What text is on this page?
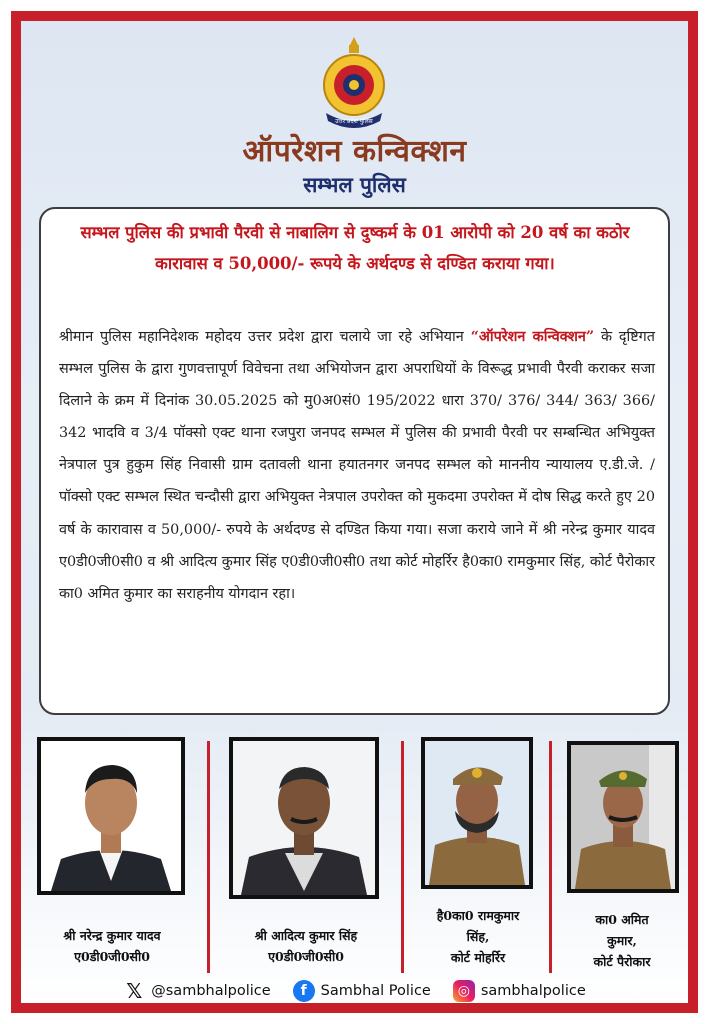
उत्तर प्रदेश पुलिस
ऑपरेशन कन्विक्शन
सम्भल पुलिस
सम्भल पुलिस की प्रभावी पैरवी से नाबालिग से दुष्कर्म के 01 आरोपी को 20 वर्ष का कठोर कारावास व 50,000/- रूपये के अर्थदण्ड से दण्डित कराया गया।
श्रीमान पुलिस महानिदेशक महोदय उत्तर प्रदेश द्वारा चलाये जा रहे अभियान “ऑपरेशन कन्विक्शन” के दृष्टिगत सम्भल पुलिस के द्वारा गुणवत्तापूर्ण विवेचना तथा अभियोजन द्वारा अपराधियों के विरूद्ध प्रभावी पैरवी कराकर सजा दिलाने के क्रम में दिनांक 30.05.2025 को मु0अ0सं0 195/2022 धारा 370/ 376/ 344/ 363/ 366/ 342 भादवि व 3/4 पॉक्सो एक्ट थाना रजपुरा जनपद सम्भल में पुलिस की प्रभावी पैरवी पर सम्बन्धित अभियुक्त नेत्रपाल पुत्र हुकुम सिंह निवासी ग्राम दतावली थाना हयातनगर जनपद सम्भल को माननीय न्यायालय ए.डी.जे. / पॉक्सो एक्ट सम्भल स्थित चन्दौसी द्वारा अभियुक्त नेत्रपाल उपरोक्त को मुकदमा उपरोक्त में दोष सिद्ध करते हुए 20 वर्ष के कारावास व 50,000/- रुपये के अर्थदण्ड से दण्डित किया गया। सजा कराये जाने में श्री नरेन्द्र कुमार यादव ए0डी0जी0सी0 व श्री आदित्य कुमार सिंह ए0डी0जी0सी0 तथा कोर्ट मोहर्रिर है0का0 रामकुमार सिंह, कोर्ट पैरोकार का0 अमित कुमार का सराहनीय योगदान रहा।
श्री नरेन्द्र कुमार यादव
ए0डी0जी0सी0
श्री आदित्य कुमार सिंह
ए0डी0जी0सी0
है0का0 रामकुमार
सिंह,
कोर्ट मोहर्रिर
का0 अमित
कुमार,
कोर्ट पैरोकार
𝕏 @sambhalpolice	f Sambhal Police	◎ sambhalpolice
